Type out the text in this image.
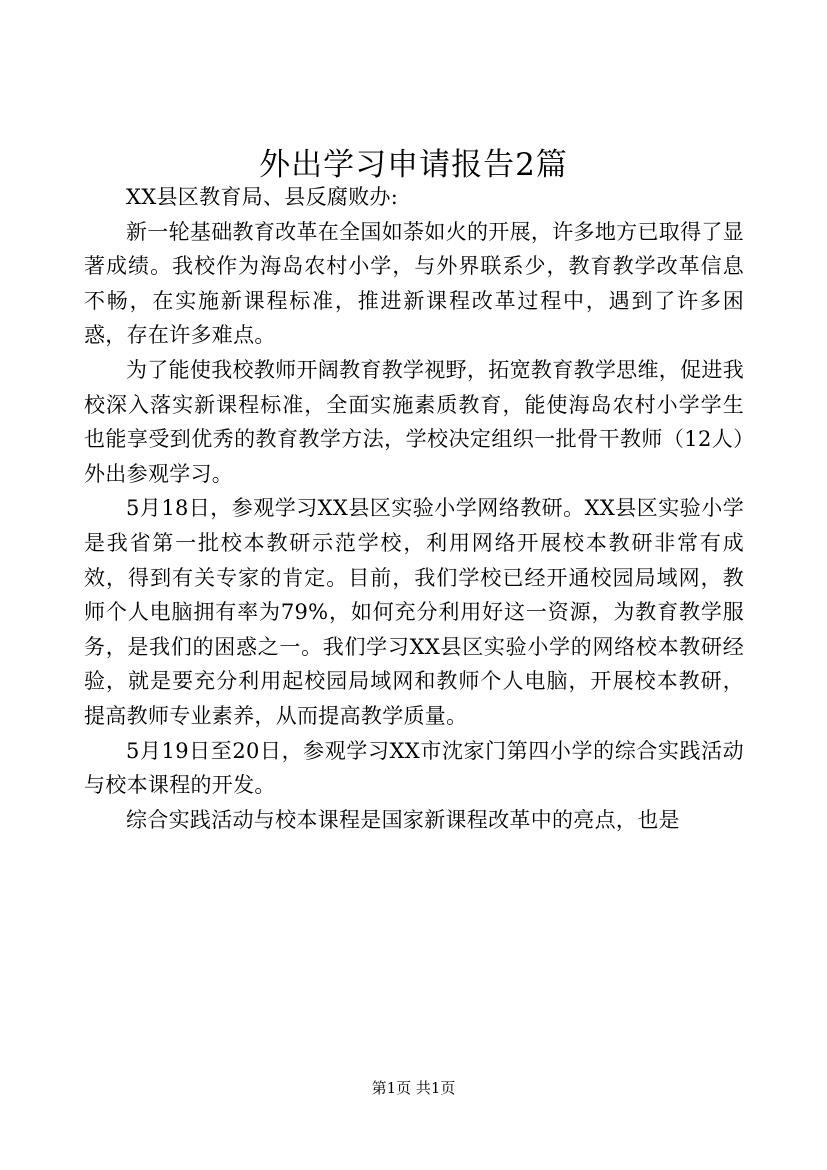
外出学习申请报告2篇

XX县区教育局、县反腐败办:

新一轮基础教育改革在全国如荼如火的开展，许多地方已取得了显著成绩。我校作为海岛农村小学，与外界联系少，教育教学改革信息不畅，在实施新课程标准，推进新课程改革过程中，遇到了许多困惑，存在许多难点。

为了能使我校教师开阔教育教学视野，拓宽教育教学思维，促进我校深入落实新课程标准，全面实施素质教育，能使海岛农村小学学生也能享受到优秀的教育教学方法，学校决定组织一批骨干教师（12人）外出参观学习。

5月18日，参观学习XX县区实验小学网络教研。XX县区实验小学是我省第一批校本教研示范学校，利用网络开展校本教研非常有成效，得到有关专家的肯定。目前，我们学校已经开通校园局域网，教师个人电脑拥有率为79%，如何充分利用好这一资源，为教育教学服务，是我们的困惑之一。我们学习XX县区实验小学的网络校本教研经验，就是要充分利用起校园局域网和教师个人电脑，开展校本教研，提高教师专业素养，从而提高教学质量。

5月19日至20日，参观学习XX市沈家门第四小学的综合实践活动与校本课程的开发。

综合实践活动与校本课程是国家新课程改革中的亮点，也是

第1页 共1页
